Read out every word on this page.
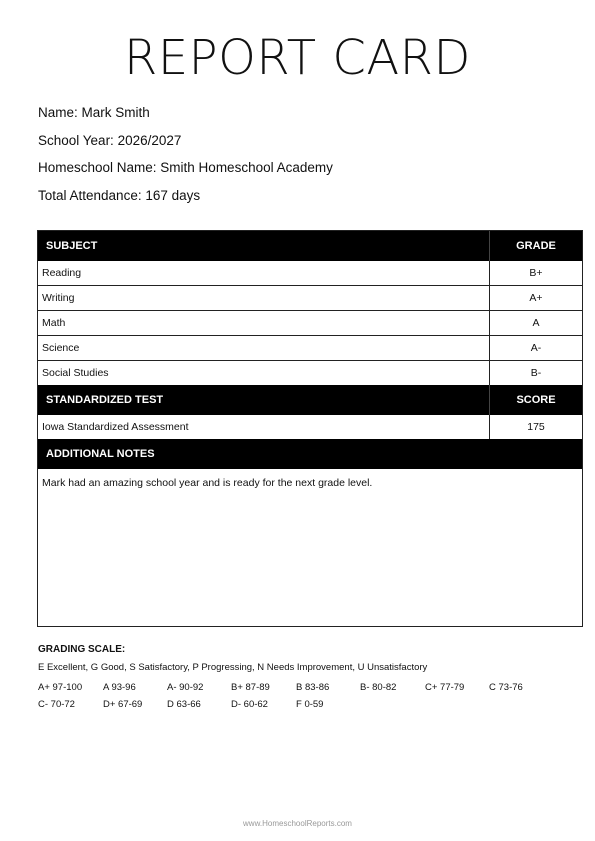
REPORT CARD
Name: Mark Smith
School Year: 2026/2027
Homeschool Name: Smith Homeschool Academy
Total Attendance: 167 days
SUBJECT	GRADE
Reading	B+
Writing	A+
Math	A
Science	A-
Social Studies	B-
STANDARDIZED TEST	SCORE
Iowa Standardized Assessment	175
ADDITIONAL NOTES
Mark had an amazing school year and is ready for the next grade level.
GRADING SCALE:
E Excellent, G Good, S Satisfactory, P Progressing, N Needs Improvement, U Unsatisfactory
A+ 97-100 A 93-96	A- 90-92	B+ 87-89	B 83-86	B- 80-82	C+ 77-79	C 73-76
C- 70-72	D+ 67-69	D 63-66	D- 60-62	F 0-59
www.HomeschoolReports.com
